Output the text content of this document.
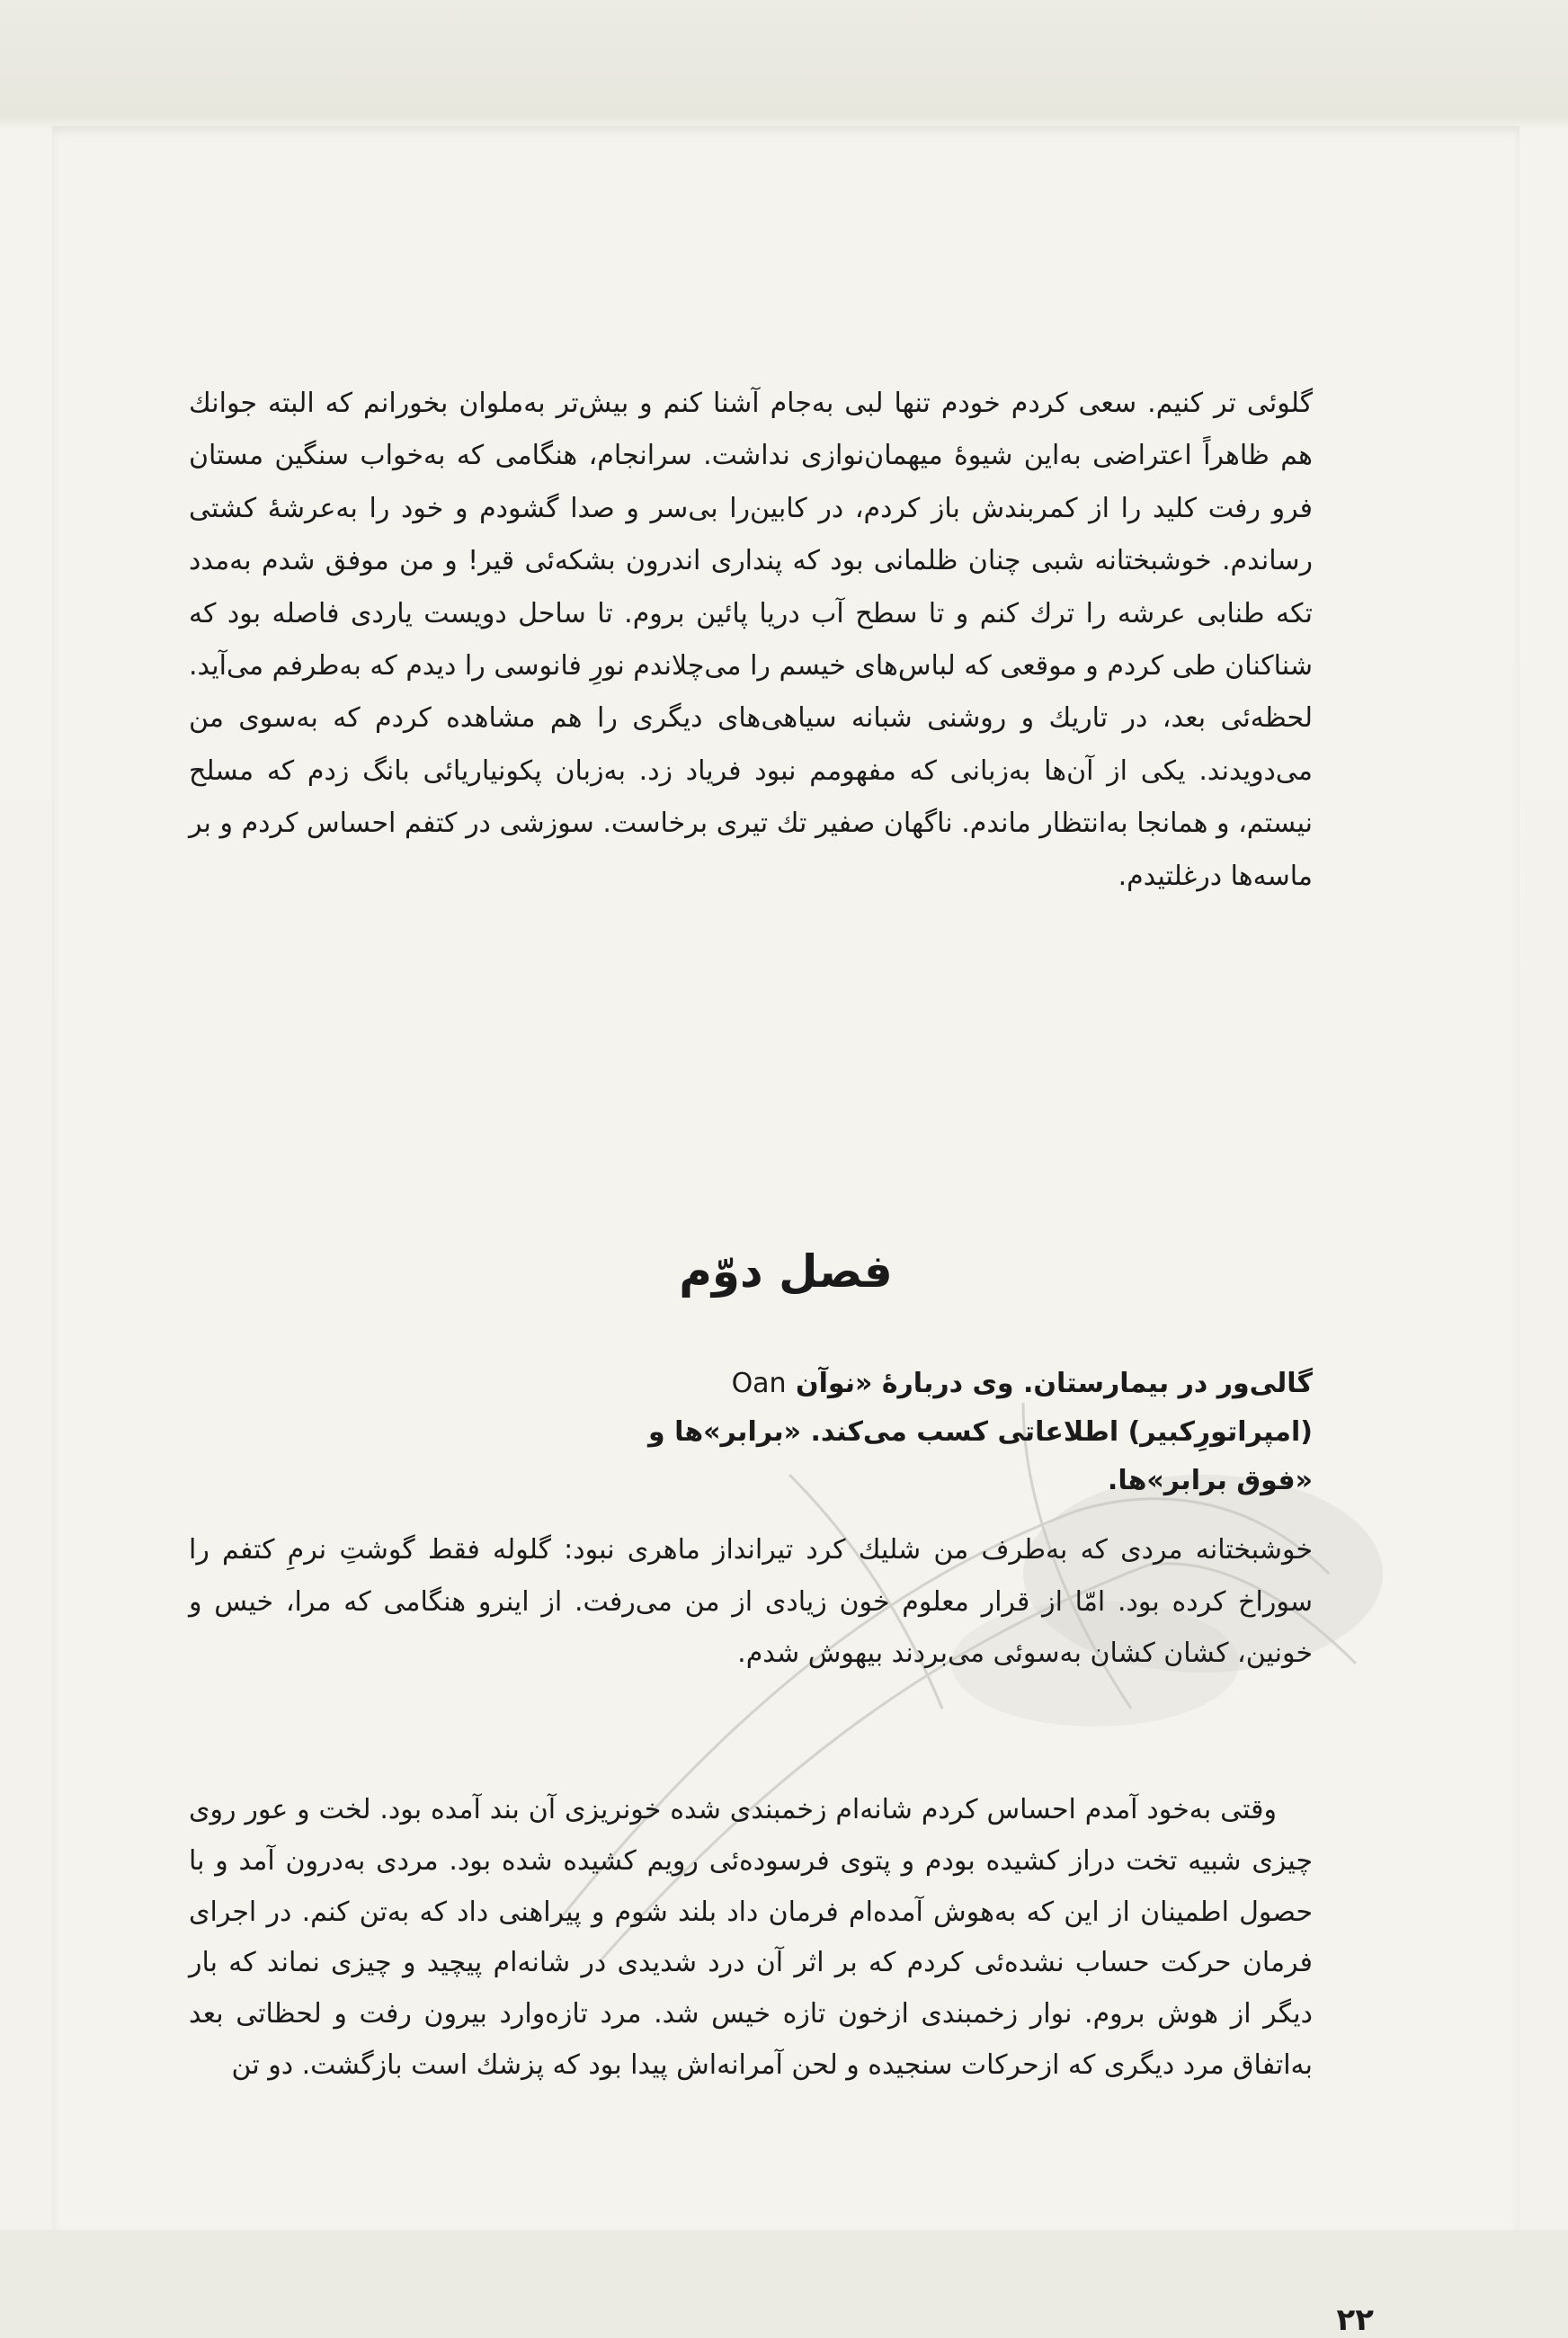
گلوئی تر کنیم. سعی کردم خودم تنها لبی به‌جام آشنا کنم و بیش‌تر به‌ملوان بخورانم که البته جوانك هم ظاهراً اعتراضی به‌این شیوهٔ میهمان‌نوازی نداشت. سرانجام، هنگامی که به‌خواب سنگین مستان فرو رفت کلید را از کمربندش باز کردم، در کابین‌را بی‌سر و صدا گشودم و خود را به‌عرشهٔ کشتی رساندم. خوشبختانه شبی چنان ظلمانی بود که پنداری اندرون بشکه‌ئی قیر! و من موفق شدم به‌مدد تکه طنابی عرشه را ترك کنم و تا سطح آب دریا پائین بروم. تا ساحل دویست یاردی فاصله بود که شناکنان طی کردم و موقعی که لباس‌های خیسم را می‌چلاندم نورِ فانوسی را دیدم که به‌طرفم می‌آید. لحظه‌ئی بعد، در تاریك و روشنی شبانه سیاهی‌های دیگری را هم مشاهده کردم که به‌سوی من می‌دویدند. یکی از آن‌ها به‌زبانی که مفهومم نبود فریاد زد. به‌زبان پکونیاریائی بانگ زدم که مسلح نیستم، و همانجا به‌انتظار ماندم. ناگهان صفیر تك تیری برخاست. سوزشی در کتفم احساس کردم و بر ماسه‌ها درغلتیدم.

فصل دوّم
گالی‌ور در بیمارستان. وی دربارهٔ «نوآن Oan
(امپراتورِکبیر) اطلاعاتی کسب می‌کند. «برابر»ها و
«فوق برابر»ها.

خوشبختانه مردی که به‌طرف من شلیك کرد تیرانداز ماهری نبود: گلوله فقط گوشتِ نرمِ کتفم را سوراخ کرده بود. امّا از قرار معلوم خون زیادی از من می‌رفت. از اینرو هنگامی که مرا، خیس و خونین، کشان کشان به‌سوئی می‌بردند بیهوش شدم.

وقتی به‌خود آمدم احساس کردم شانه‌ام زخمبندی شده خونریزی آن بند آمده بود. لخت و عور روی چیزی شبیه تخت دراز کشیده بودم و پتوی فرسوده‌ئی رویم کشیده شده بود. مردی به‌درون آمد و با حصول اطمینان از این که به‌هوش آمده‌ام فرمان داد بلند شوم و پیراهنی داد که به‌تن کنم. در اجرای فرمان حرکت حساب نشده‌ئی کردم که بر اثر آن درد شدیدی در شانه‌ام پیچید و چیزی نماند که بار دیگر از هوش بروم. نوار زخمبندی ازخون تازه خیس شد. مرد تازه‌وارد بیرون رفت و لحظاتی بعد به‌اتفاق مرد دیگری که ازحرکات سنجیده و لحن آمرانه‌اش پیدا بود که پزشك است بازگشت. دو تن

۲۲
